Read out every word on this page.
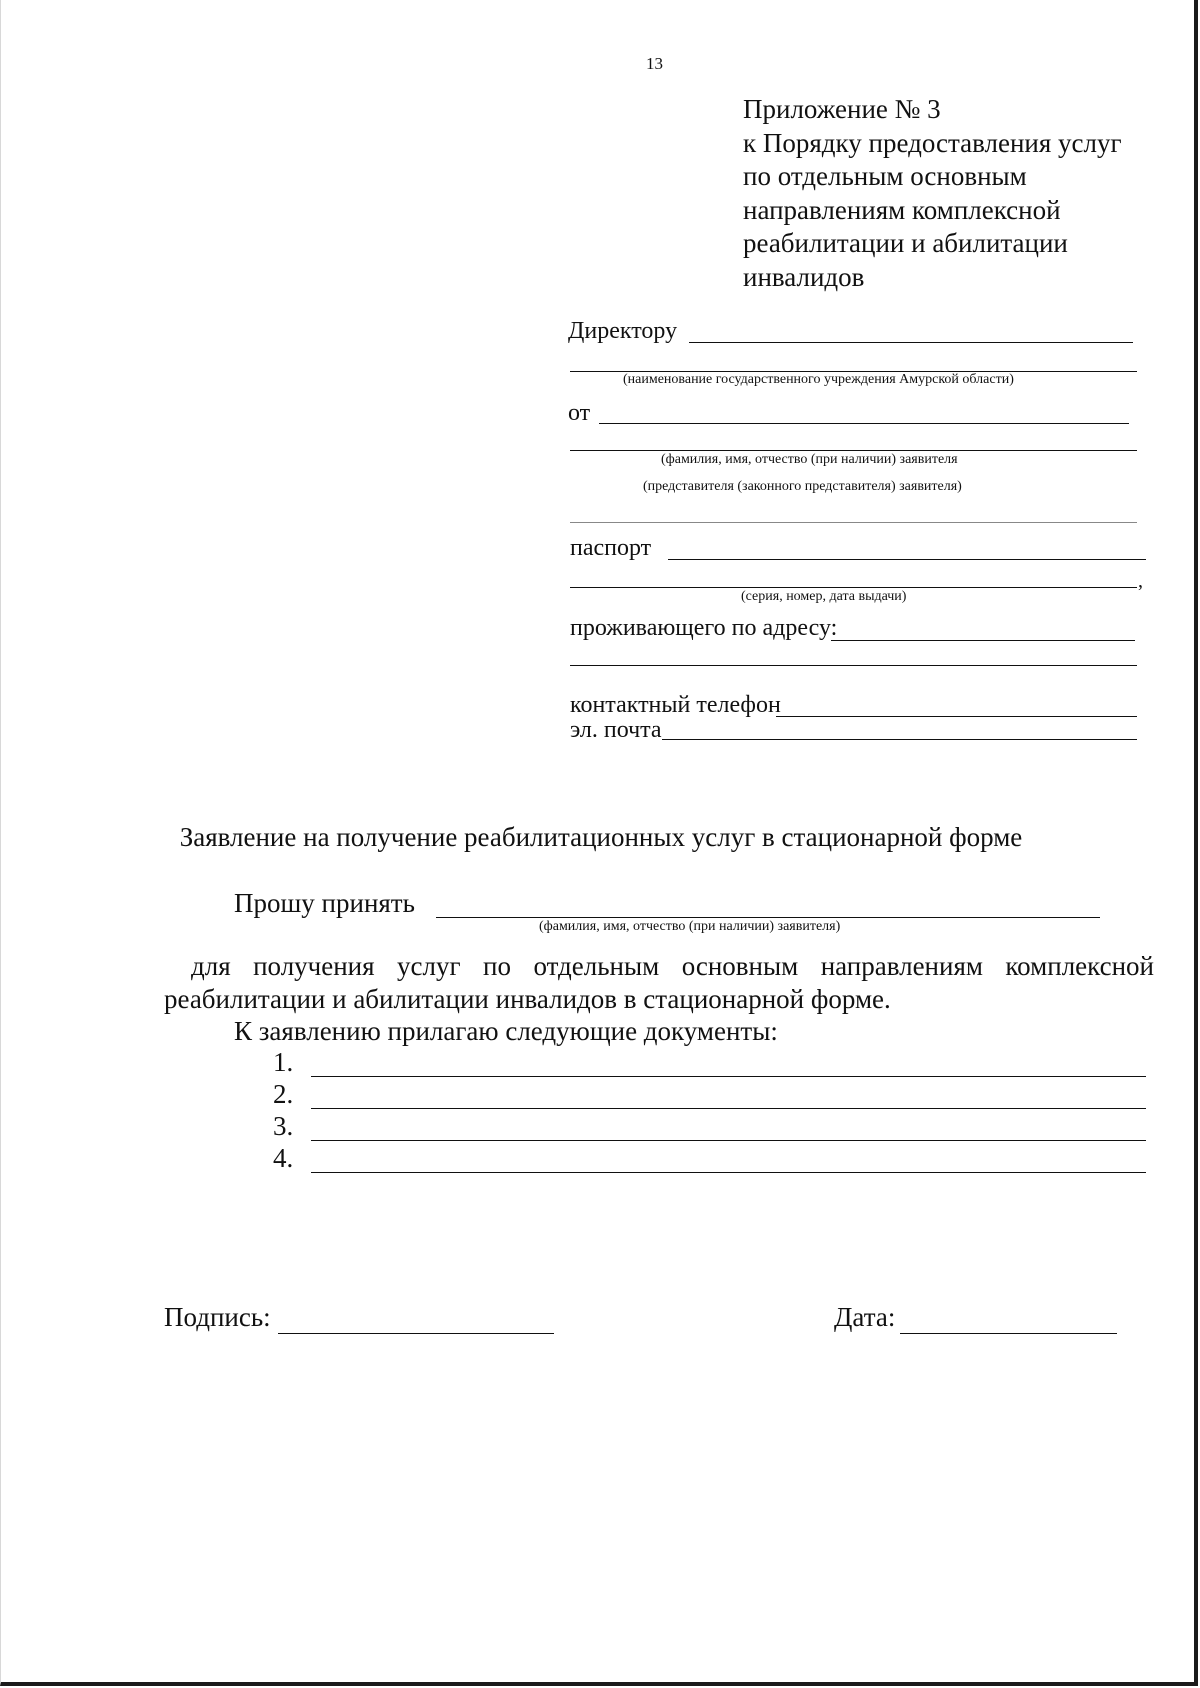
13
Приложение № 3
к Порядку предоставления услуг
по отдельным основным
направлениям комплексной
реабилитации и абилитации
инвалидов
Директору
(наименование государственного учреждения Амурской области)
от
(фамилия, имя, отчество (при наличии) заявителя
(представителя (законного представителя) заявителя)
паспорт
,
(серия, номер, дата выдачи)
проживающего по адресу:
контактный телефон
эл. почта
Заявление на получение реабилитационных услуг в стационарной форме
Прошу принять
(фамилия, имя, отчество (при наличии) заявителя)
для получения услуг по отдельным основным направлениям комплексной
реабилитации и абилитации инвалидов в стационарной форме.
К заявлению прилагаю следующие документы:
1.
2.
3.
4.
Подпись:	Дата:
